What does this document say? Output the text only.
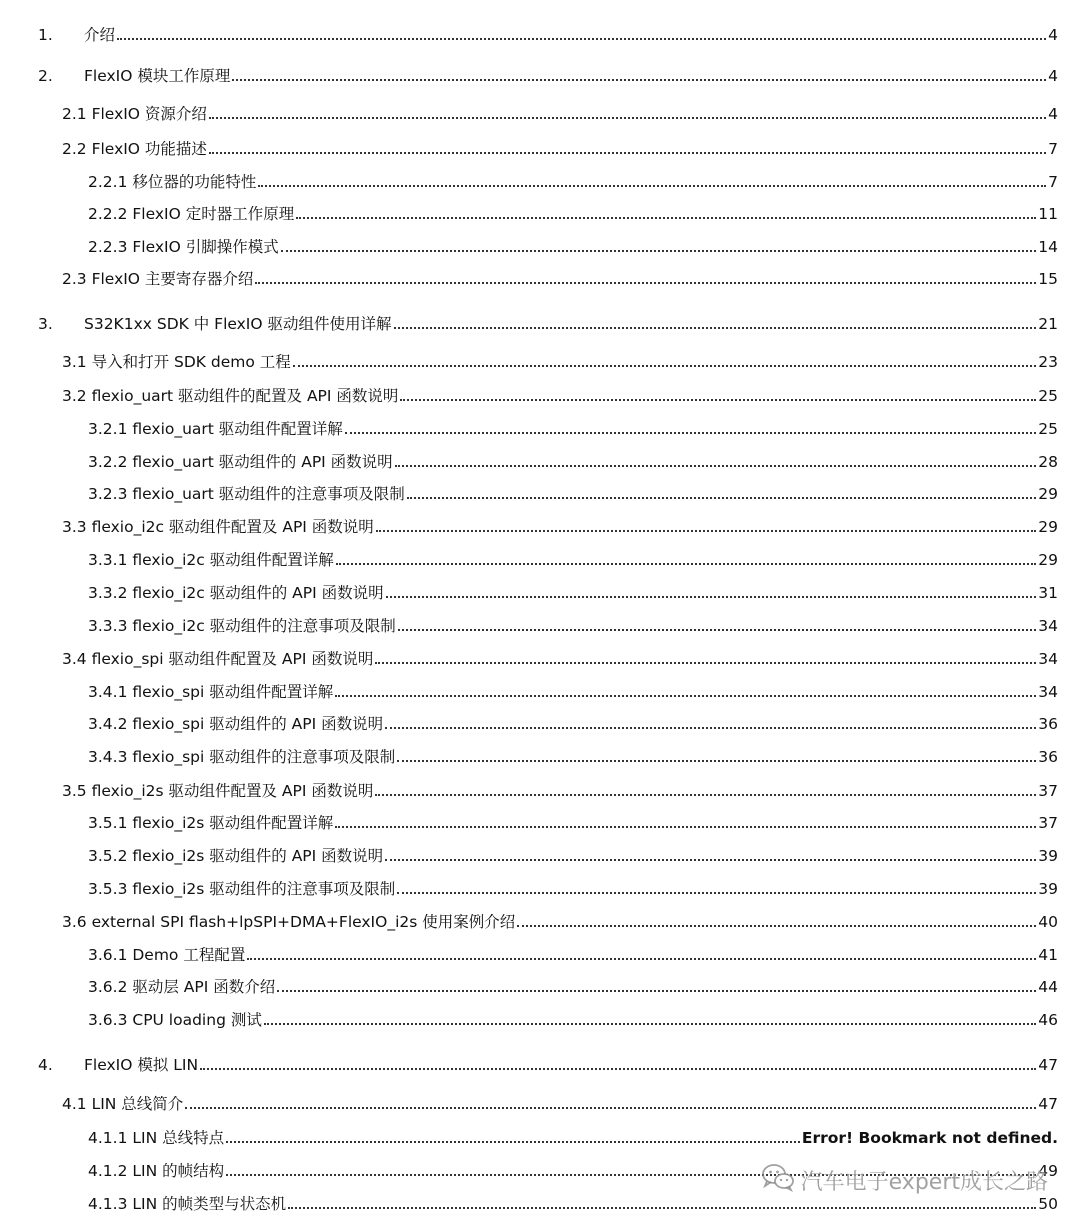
1.	介绍	4
2.	FlexIO 模块工作原理	4
2.1 FlexIO 资源介绍	4
2.2 FlexIO 功能描述	7
2.2.1 移位器的功能特性	7
2.2.2 FlexIO 定时器工作原理	11
2.2.3 FlexIO 引脚操作模式	14
2.3 FlexIO 主要寄存器介绍	15
3.	S32K1xx SDK 中 FlexIO 驱动组件使用详解	21
3.1 导入和打开 SDK demo 工程	23
3.2 flexio_uart 驱动组件的配置及 API 函数说明	25
3.2.1 flexio_uart 驱动组件配置详解	25
3.2.2 flexio_uart 驱动组件的 API 函数说明	28
3.2.3 flexio_uart 驱动组件的注意事项及限制	29
3.3 flexio_i2c 驱动组件配置及 API 函数说明	29
3.3.1 flexio_i2c 驱动组件配置详解	29
3.3.2 flexio_i2c 驱动组件的 API 函数说明	31
3.3.3 flexio_i2c 驱动组件的注意事项及限制	34
3.4 flexio_spi 驱动组件配置及 API 函数说明	34
3.4.1 flexio_spi 驱动组件配置详解	34
3.4.2 flexio_spi 驱动组件的 API 函数说明	36
3.4.3 flexio_spi 驱动组件的注意事项及限制	36
3.5 flexio_i2s 驱动组件配置及 API 函数说明	37
3.5.1 flexio_i2s 驱动组件配置详解	37
3.5.2 flexio_i2s 驱动组件的 API 函数说明	39
3.5.3 flexio_i2s 驱动组件的注意事项及限制	39
3.6 external SPI flash+lpSPI+DMA+FlexIO_i2s 使用案例介绍	40
3.6.1 Demo 工程配置	41
3.6.2 驱动层 API 函数介绍	44
3.6.3 CPU loading 测试	46
4.	FlexIO 模拟 LIN	47
4.1 LIN 总线简介	47
4.1.1 LIN 总线特点	Error! Bookmark not defined.
4.1.2 LIN 的帧结构	49
4.1.3 LIN 的帧类型与状态机	50
汽车电子expert成长之路
